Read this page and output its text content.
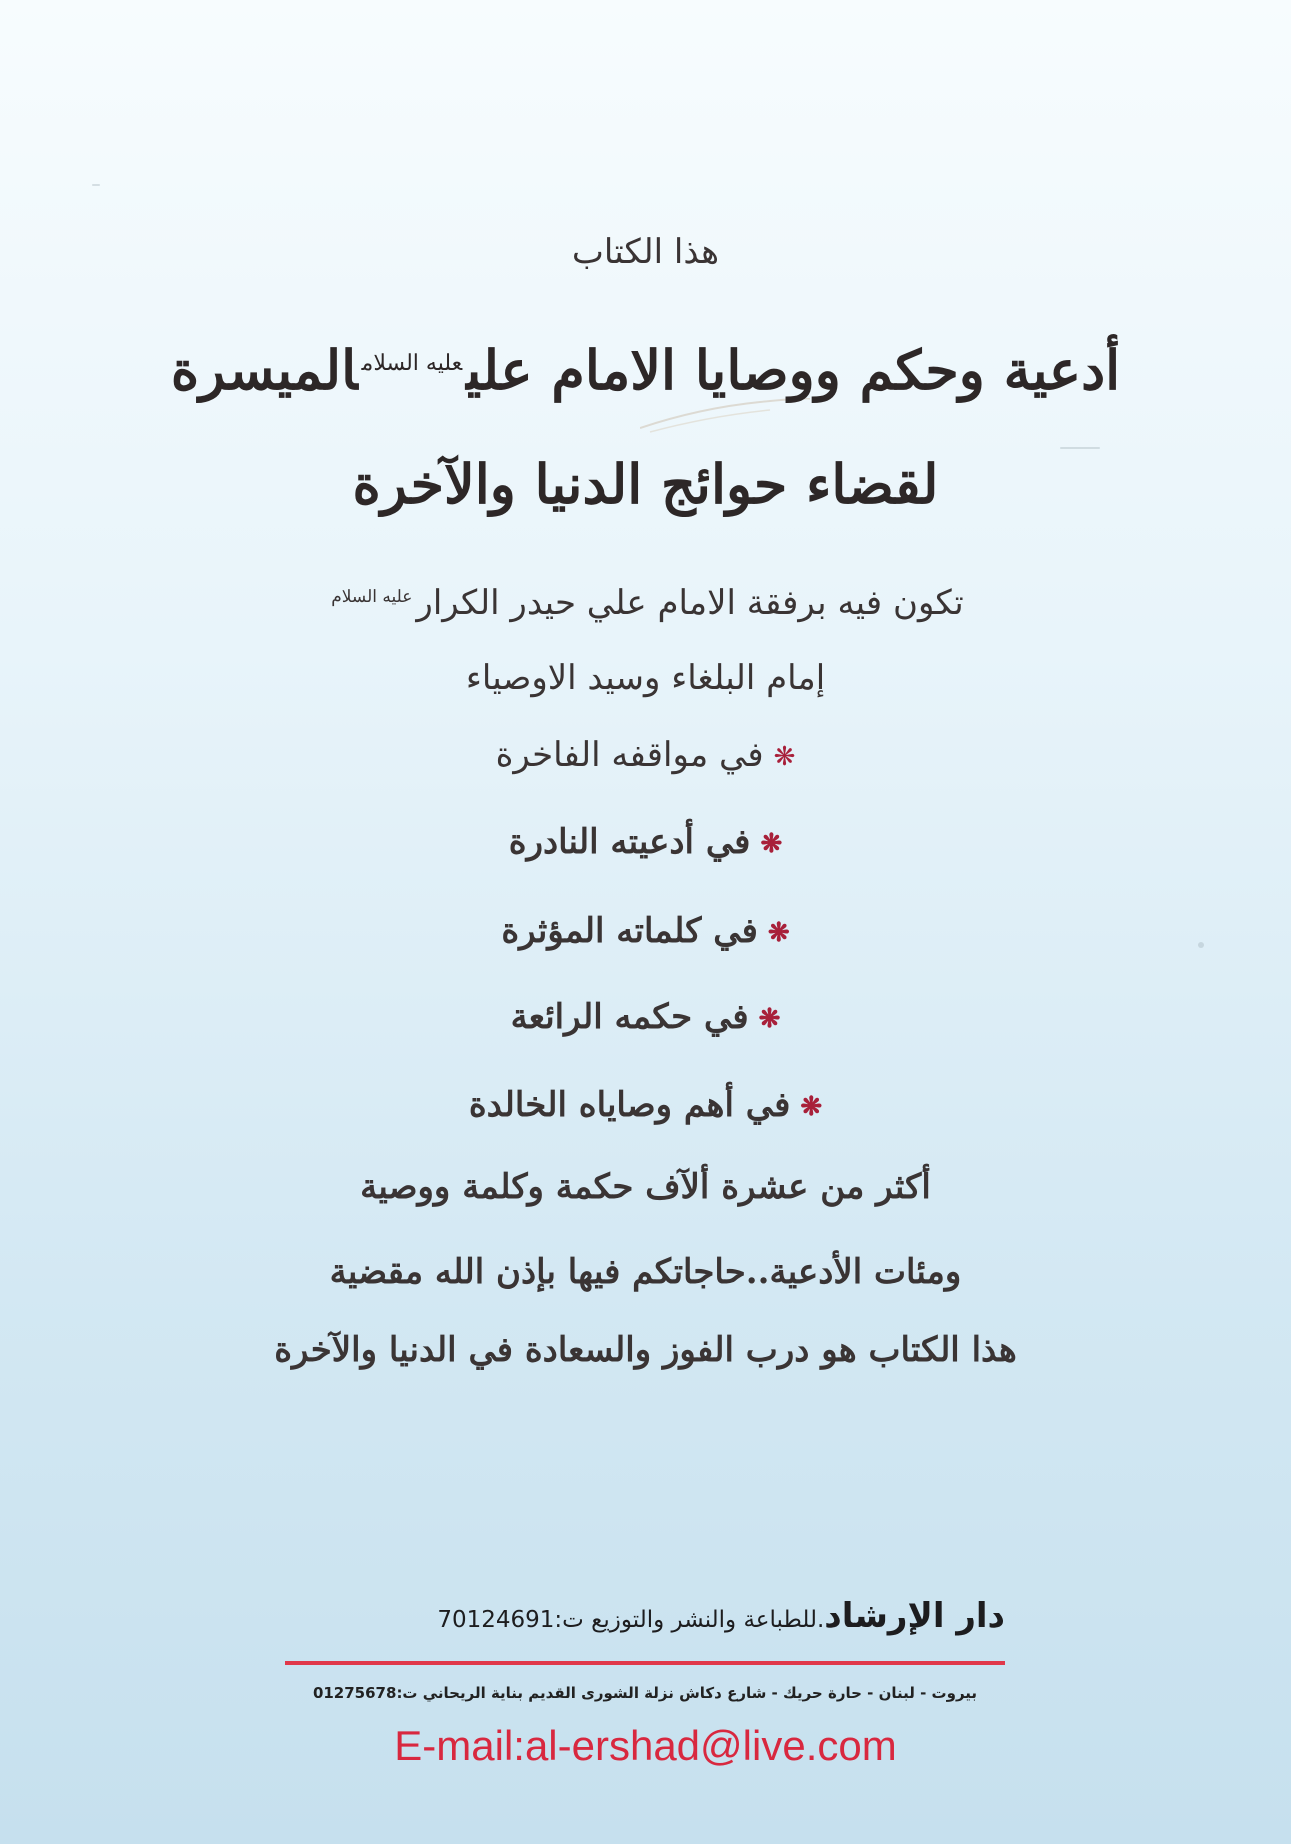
هذا الكتاب
أدعية وحكم ووصايا الامام علي$^{عليه السلام}$الميسرة
لقضاء حوائج الدنيا والآخرة
تكون فيه برفقة الامام علي حيدر الكرار$^{عليه السلام}$
إمام البلغاء وسيد الاوصياء
❋في مواقفه الفاخرة
❋في أدعيته النادرة
❋في كلماته المؤثرة
❋في حكمه الرائعة
❋في أهم وصاياه الخالدة
أكثر من عشرة ألآف حكمة وكلمة ووصية
ومئات الأدعية..حاجاتكم فيها بإذن الله مقضية
هذا الكتاب هو درب الفوز والسعادة في الدنيا والآخرة
دار الإرشاد.للطباعة والنشر والتوزيع ت:70124691
بيروت - لبنان - حارة حريك - شارع دكاش نزلة الشورى القديم بناية الريحاني ت:01275678
E-mail:al-ershad@live.com
